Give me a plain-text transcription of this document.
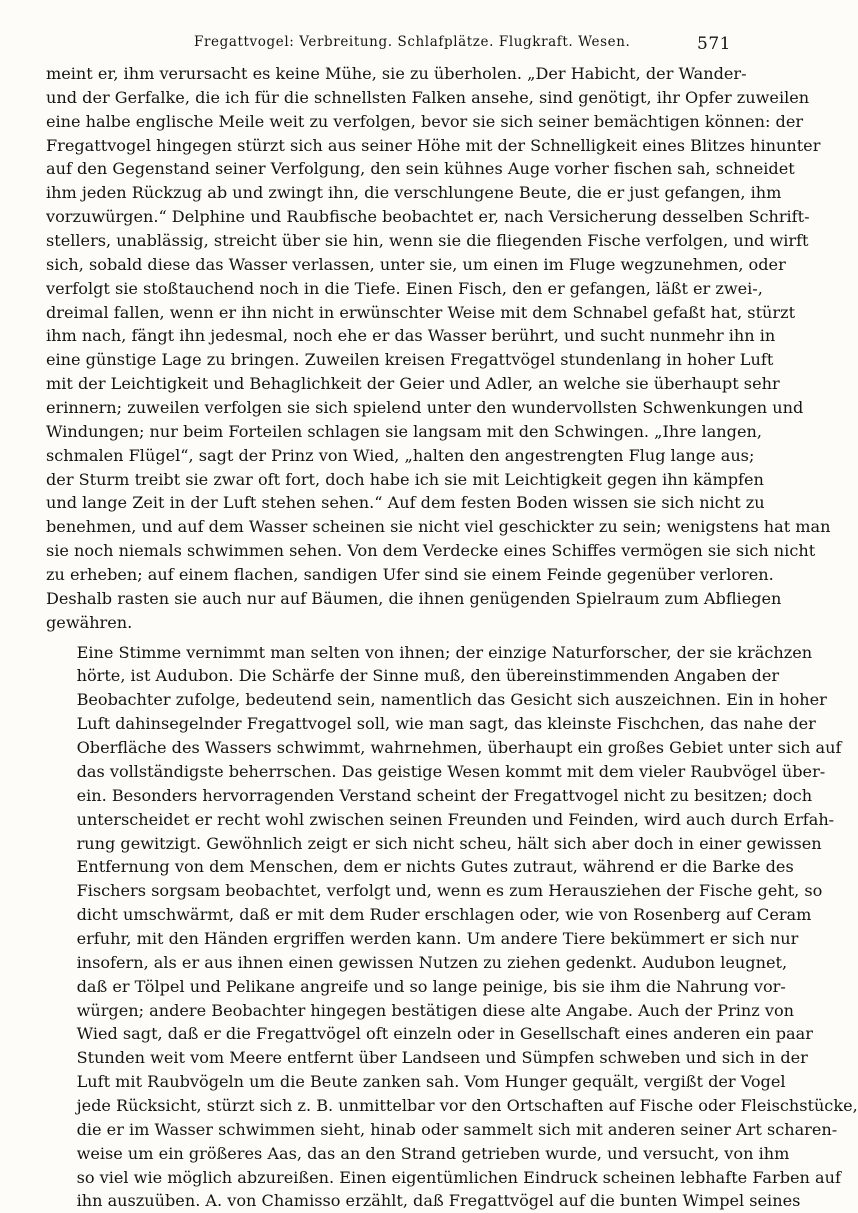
Fregattvogel: Verbreitung. Schlafplätze. Flugkraft. Wesen.	571

meint er, ihm verursacht es keine Mühe, sie zu überholen. „Der Habicht, der Wander-
und der Gerfalke, die ich für die schnellsten Falken ansehe, sind genötigt, ihr Opfer zuweilen
eine halbe englische Meile weit zu verfolgen, bevor sie sich seiner bemächtigen können: der
Fregattvogel hingegen stürzt sich aus seiner Höhe mit der Schnelligkeit eines Blitzes hinunter
auf den Gegenstand seiner Verfolgung, den sein kühnes Auge vorher fischen sah, schneidet
ihm jeden Rückzug ab und zwingt ihn, die verschlungene Beute, die er just gefangen, ihm
vorzuwürgen.“ Delphine und Raubfische beobachtet er, nach Versicherung desselben Schrift-
stellers, unablässig, streicht über sie hin, wenn sie die fliegenden Fische verfolgen, und wirft
sich, sobald diese das Wasser verlassen, unter sie, um einen im Fluge wegzunehmen, oder
verfolgt sie stoßtauchend noch in die Tiefe. Einen Fisch, den er gefangen, läßt er zwei-,
dreimal fallen, wenn er ihn nicht in erwünschter Weise mit dem Schnabel gefaßt hat, stürzt
ihm nach, fängt ihn jedesmal, noch ehe er das Wasser berührt, und sucht nunmehr ihn in
eine günstige Lage zu bringen. Zuweilen kreisen Fregattvögel stundenlang in hoher Luft
mit der Leichtigkeit und Behaglichkeit der Geier und Adler, an welche sie überhaupt sehr
erinnern; zuweilen verfolgen sie sich spielend unter den wundervollsten Schwenkungen und
Windungen; nur beim Forteilen schlagen sie langsam mit den Schwingen. „Ihre langen,
schmalen Flügel“, sagt der Prinz von Wied, „halten den angestrengten Flug lange aus;
der Sturm treibt sie zwar oft fort, doch habe ich sie mit Leichtigkeit gegen ihn kämpfen
und lange Zeit in der Luft stehen sehen.“ Auf dem festen Boden wissen sie sich nicht zu
benehmen, und auf dem Wasser scheinen sie nicht viel geschickter zu sein; wenigstens hat man
sie noch niemals schwimmen sehen. Von dem Verdecke eines Schiffes vermögen sie sich nicht
zu erheben; auf einem flachen, sandigen Ufer sind sie einem Feinde gegenüber verloren.
Deshalb rasten sie auch nur auf Bäumen, die ihnen genügenden Spielraum zum Abfliegen
gewähren.

Eine Stimme vernimmt man selten von ihnen; der einzige Naturforscher, der sie krächzen
hörte, ist Audubon. Die Schärfe der Sinne muß, den übereinstimmenden Angaben der
Beobachter zufolge, bedeutend sein, namentlich das Gesicht sich auszeichnen. Ein in hoher
Luft dahinsegelnder Fregattvogel soll, wie man sagt, das kleinste Fischchen, das nahe der
Oberfläche des Wassers schwimmt, wahrnehmen, überhaupt ein großes Gebiet unter sich auf
das vollständigste beherrschen. Das geistige Wesen kommt mit dem vieler Raubvögel über-
ein. Besonders hervorragenden Verstand scheint der Fregattvogel nicht zu besitzen; doch
unterscheidet er recht wohl zwischen seinen Freunden und Feinden, wird auch durch Erfah-
rung gewitzigt. Gewöhnlich zeigt er sich nicht scheu, hält sich aber doch in einer gewissen
Entfernung von dem Menschen, dem er nichts Gutes zutraut, während er die Barke des
Fischers sorgsam beobachtet, verfolgt und, wenn es zum Herausziehen der Fische geht, so
dicht umschwärmt, daß er mit dem Ruder erschlagen oder, wie von Rosenberg auf Ceram
erfuhr, mit den Händen ergriffen werden kann. Um andere Tiere bekümmert er sich nur
insofern, als er aus ihnen einen gewissen Nutzen zu ziehen gedenkt. Audubon leugnet,
daß er Tölpel und Pelikane angreife und so lange peinige, bis sie ihm die Nahrung vor-
würgen; andere Beobachter hingegen bestätigen diese alte Angabe. Auch der Prinz von
Wied sagt, daß er die Fregattvögel oft einzeln oder in Gesellschaft eines anderen ein paar
Stunden weit vom Meere entfernt über Landseen und Sümpfen schweben und sich in der
Luft mit Raubvögeln um die Beute zanken sah. Vom Hunger gequält, vergißt der Vogel
jede Rücksicht, stürzt sich z. B. unmittelbar vor den Ortschaften auf Fische oder Fleischstücke,
die er im Wasser schwimmen sieht, hinab oder sammelt sich mit anderen seiner Art scharen-
weise um ein größeres Aas, das an den Strand getrieben wurde, und versucht, von ihm
so viel wie möglich abzureißen. Einen eigentümlichen Eindruck scheinen lebhafte Farben auf
ihn auszuüben. A. von Chamisso erzählt, daß Fregattvögel auf die bunten Wimpel seines
